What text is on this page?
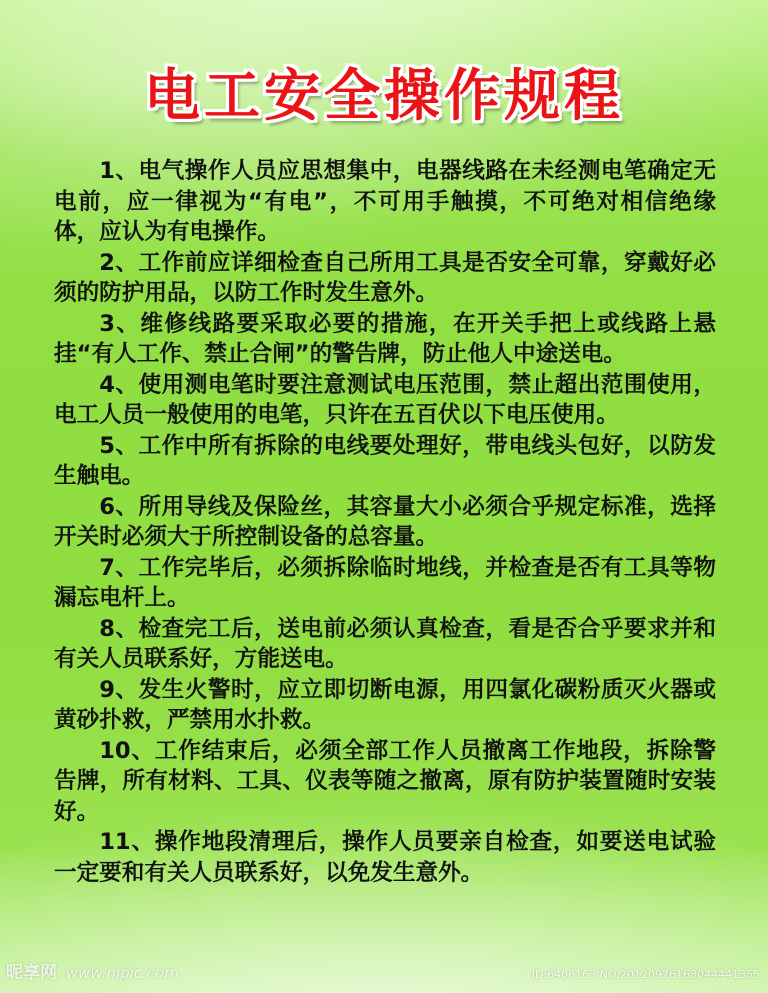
电工安全操作规程

1、电气操作人员应思想集中，电器线路在未经测电笔确定无电前，应一律视为“有电”，不可用手触摸，不可绝对相信绝缘体，应认为有电操作。

2、工作前应详细检查自己所用工具是否安全可靠，穿戴好必须的防护用品，以防工作时发生意外。

3、维修线路要采取必要的措施，在开关手把上或线路上悬挂“有人工作、禁止合闸”的警告牌，防止他人中途送电。

4、使用测电笔时要注意测试电压范围，禁止超出范围使用，电工人员一般使用的电笔，只许在五百伏以下电压使用。

5、工作中所有拆除的电线要处理好，带电线头包好，以防发生触电。

6、所用导线及保险丝，其容量大小必须合乎规定标准，选择开关时必须大于所控制设备的总容量。

7、工作完毕后，必须拆除临时地线，并检查是否有工具等物漏忘电杆上。

8、检查完工后，送电前必须认真检查，看是否合乎要求并和有关人员联系好，方能送电。

9、发生火警时，应立即切断电源，用四氯化碳粉质灭火器或黄砂扑救，严禁用水扑救。

10、工作结束后，必须全部工作人员撤离工作地段，拆除警告牌，所有材料、工具、仪表等随之撤离，原有防护装置随时安装好。

11、操作地段清理后，操作人员要亲自检查，如要送电试验一定要和有关人员联系好，以免发生意外。

昵享网 www.nipic.com	ID:6406163 NO:20120926163044441355
